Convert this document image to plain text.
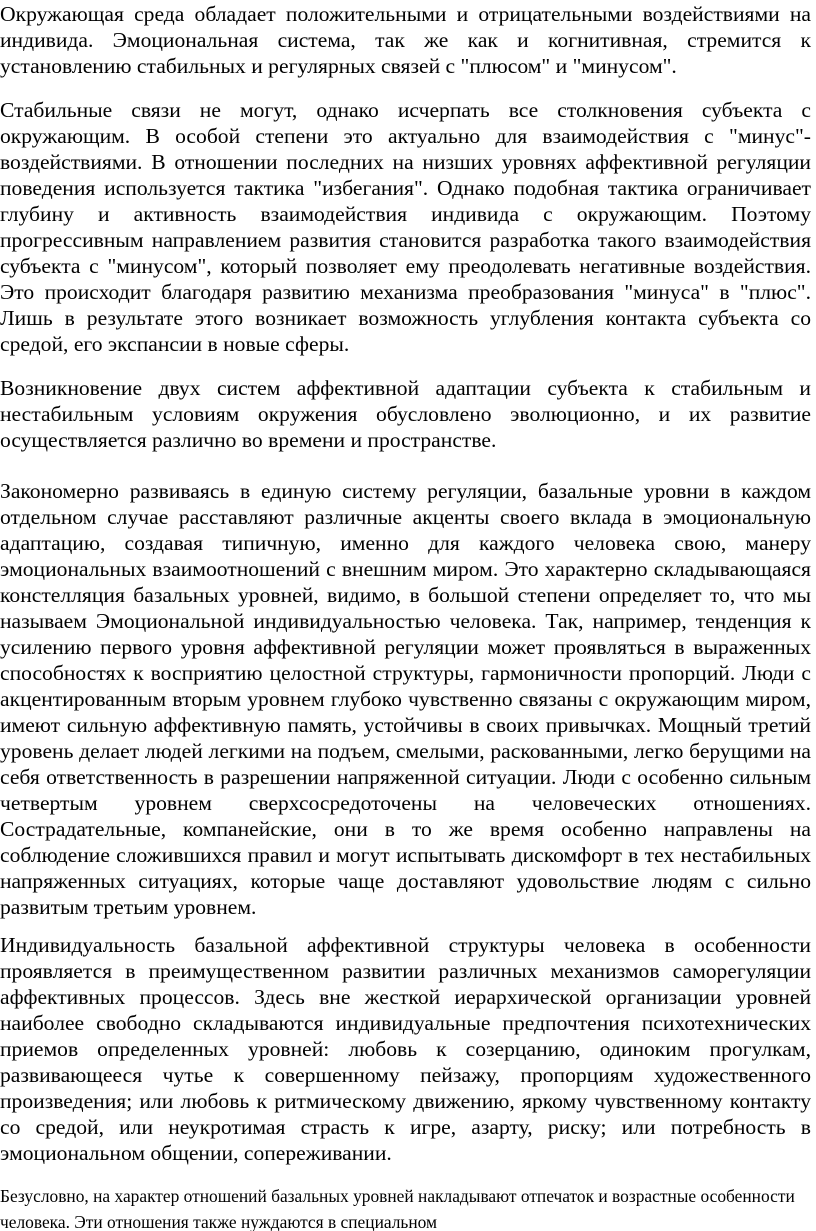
Окружающая среда обладает положительными и отрицательными воздействиями на индивида. Эмоциональная система, так же как и когнитивная, стремится к установлению стабильных и регулярных связей с "плюсом" и "минусом".

Стабильные связи не могут, однако исчерпать все столкновения субъекта с окружающим. В особой степени это актуально для взаимодействия с "минус"-воздействиями. В отношении последних на низших уровнях аффективной регуляции поведения используется тактика "избегания". Однако подобная тактика ограничивает глубину и активность взаимодействия индивида с окружающим. Поэтому прогрессивным направлением развития становится разработка такого взаимодействия субъекта с "минусом", который позволяет ему преодолевать негативные воздействия. Это происходит благодаря развитию механизма преобразования "минуса" в "плюс". Лишь в результате этого возникает возможность углубления контакта субъекта со средой, его экспансии в новые сферы.

Возникновение двух систем аффективной адаптации субъекта к стабильным и нестабильным условиям окружения обусловлено эволюционно, и их развитие осуществляется различно во времени и пространстве.

Закономерно развиваясь в единую систему регуляции, базальные уровни в каждом отдельном случае расставляют различные акценты своего вклада в эмоциональную адаптацию, создавая типичную, именно для каждого человека свою, манеру эмоциональных взаимоотношений с внешним миром. Это характерно складывающаяся констелляция базальных уровней, видимо, в большой степени определяет то, что мы называем Эмоциональной индивидуальностью человека. Так, например, тенденция к усилению первого уровня аффективной регуляции может проявляться в выраженных способностях к восприятию целостной структуры, гармоничности пропорций. Люди с акцентированным вторым уровнем глубоко чувственно связаны с окружающим миром, имеют сильную аффективную память, устойчивы в своих привычках. Мощный третий уровень делает людей легкими на подъем, смелыми, раскованными, легко берущими на себя ответственность в разрешении напряженной ситуации. Люди с особенно сильным четвертым уровнем сверхсосредоточены на человеческих отношениях. Сострадательные, компанейские, они в то же время особенно направлены на соблюдение сложившихся правил и могут испытывать дискомфорт в тех нестабильных напряженных ситуациях, которые чаще доставляют удовольствие людям с сильно развитым третьим уровнем.

Индивидуальность базальной аффективной структуры человека в особенности проявляется в преимущественном развитии различных механизмов саморегуляции аффективных процессов. Здесь вне жесткой иерархической организации уровней наиболее свободно складываются индивидуальные предпочтения психотехнических приемов определенных уровней: любовь к созерцанию, одиноким прогулкам, развивающееся чутье к совершенному пейзажу, пропорциям художественного произведения; или любовь к ритмическому движению, яркому чувственному контакту со средой, или неукротимая страсть к игре, азарту, риску; или потребность в эмоциональном общении, сопереживании.

Безусловно, на характер отношений базальных уровней накладывают отпечаток и возрастные особенности человека. Эти отношения также нуждаются в специальном
